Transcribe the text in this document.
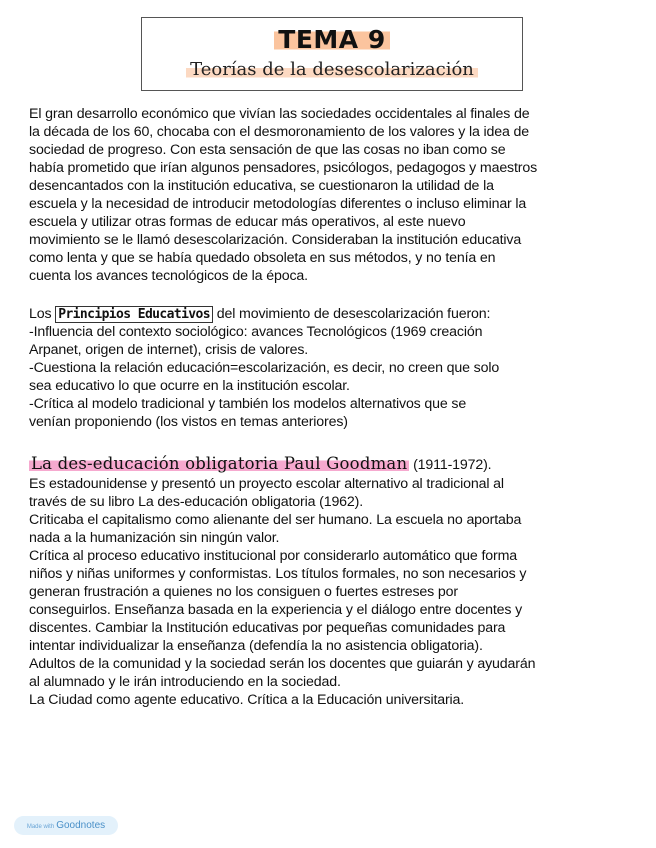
TEMA 9
Teorías de la desescolarización
El gran desarrollo económico que vivían las sociedades occidentales al finales de
la década de los 60, chocaba con el desmoronamiento de los valores y la idea de
sociedad de progreso. Con esta sensación de que las cosas no iban como se
había prometido que irían algunos pensadores, psicólogos, pedagogos y maestros
desencantados con la institución educativa, se cuestionaron la utilidad de la
escuela y la necesidad de introducir metodologías diferentes o incluso eliminar la
escuela y utilizar otras formas de educar más operativos, al este nuevo
movimiento se le llamó desescolarización. Consideraban la institución educativa
como lenta y que se había quedado obsoleta en sus métodos, y no tenía en
cuenta los avances tecnológicos de la época.
Los Principios Educativos del movimiento de desescolarización fueron:
-Influencia del contexto sociológico: avances Tecnológicos (1969 creación
Arpanet, origen de internet), crisis de valores.
-Cuestiona la relación educación=escolarización, es decir, no creen que solo
sea educativo lo que ocurre en la institución escolar.
-Crítica al modelo tradicional y también los modelos alternativos que se
venían proponiendo (los vistos en temas anteriores)
La des-educación obligatoria Paul Goodman (1911-1972).
Es estadounidense y presentó un proyecto escolar alternativo al tradicional al
través de su libro La des-educación obligatoria (1962).
Criticaba el capitalismo como alienante del ser humano. La escuela no aportaba
nada a la humanización sin ningún valor.
Crítica al proceso educativo institucional por considerarlo automático que forma
niños y niñas uniformes y conformistas. Los títulos formales, no son necesarios y
generan frustración a quienes no los consiguen o fuertes estreses por
conseguirlos. Enseñanza basada en la experiencia y el diálogo entre docentes y
discentes. Cambiar la Institución educativas por pequeñas comunidades para
intentar individualizar la enseñanza (defendía la no asistencia obligatoria).
Adultos de la comunidad y la sociedad serán los docentes que guiarán y ayudarán
al alumnado y le irán introduciendo en la sociedad.
La Ciudad como agente educativo. Crítica a la Educación universitaria.
Made with Goodnotes
